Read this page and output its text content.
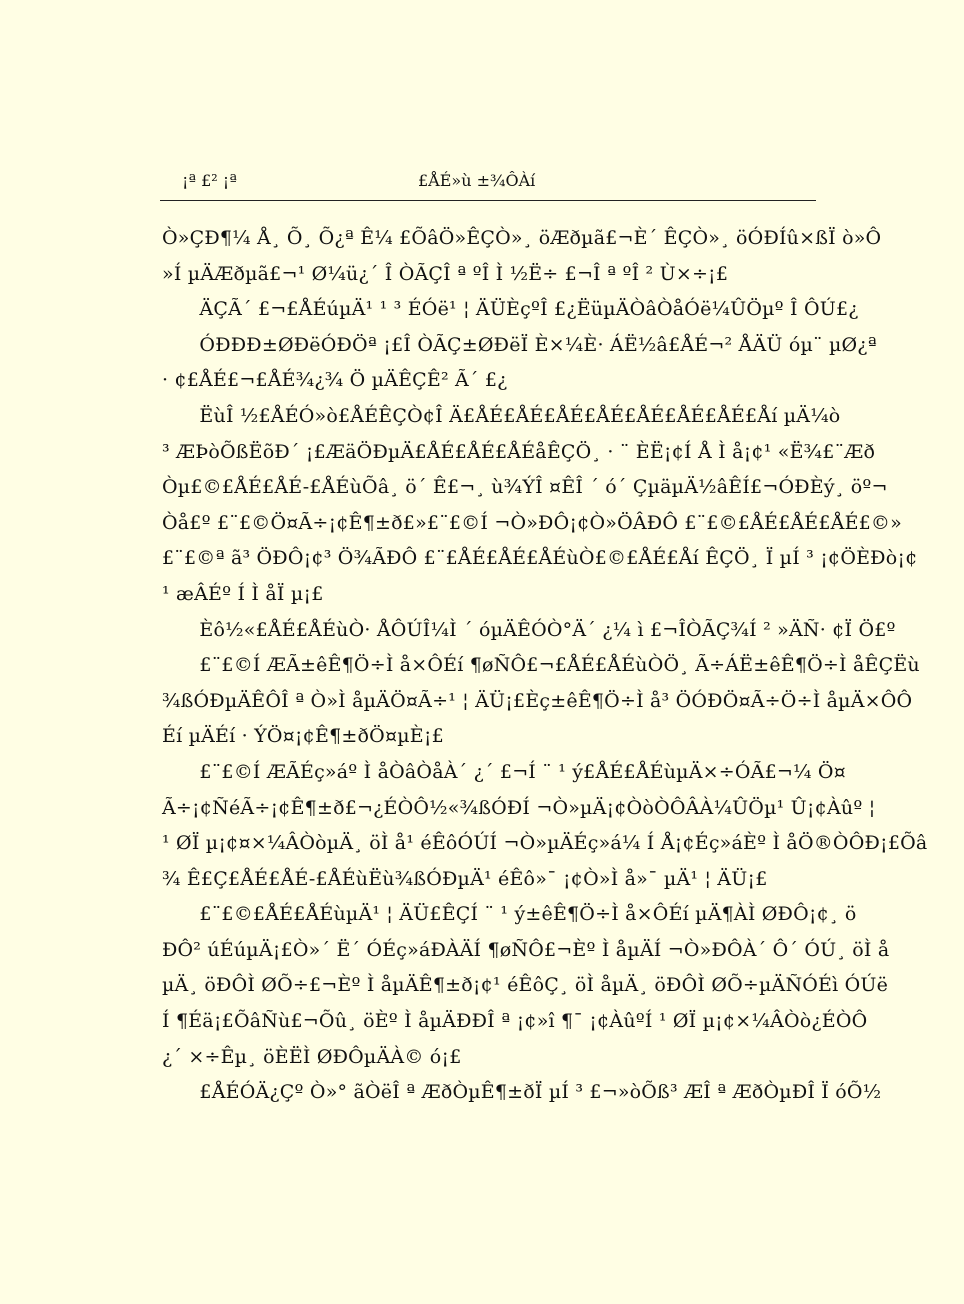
¡ª £² ¡ª	£ÅÉ»ù ±¾ÔÀí
Ò»ÇÐ¶¼ Å¸ Õ¸ Õ¿ª Ê¼ £ÕâÖ»ÊÇÒ»¸ öÆðµã£¬È´ ÊÇÒ»¸ öÓÐÍû×ßÏ ò»Ô
»Í µÄÆðµã£¬¹ Ø¼ü¿´ Î ÒÃÇÎ ª ºÎ Ì ½Ë÷ £¬Î ª ºÎ ² Ù×÷¡£
ÄÇÃ´ £¬£ÅÉúµÄ¹ ¹ ³ ÉÓë¹ ¦ ÄÜÈçºÎ £¿ËüµÄÒâÒåÓë¼ÛÖµº Î ÔÚ£¿
ÓÐÐÐ±ØÐëÓÐÖª ¡£Î ÒÃÇ±ØÐëÏ È×¼È· ÁË½â£ÅÉ¬² ÅÄÜ óµ¨ µØ¿ª
· ¢£ÅÉ£¬£ÅÉ¾¿¾ Ö µÄÊÇÊ² Ã´ £¿
ËùÎ ½£ÅÉÓ»ò£ÅÉÊÇÒ¢Î Ä£ÅÉ£ÅÉ£ÅÉ£ÅÉ£ÅÉ£ÅÉ£ÅÉ£Åí µÄ¼ò
³ ÆÞòÕßËõÐ´ ¡£ÆäÖÐµÄ£ÅÉ£ÅÉ£ÅÉåÊÇÖ¸ · ¨ ÈË¡¢Í Å Ì å¡¢¹ «Ë¾£¨Æð
Òµ£©£ÅÉ£ÅÉ-£ÅÉùÕâ¸ ö´ Ê£¬¸ ù¾ÝÎ ¤ÊÎ ´ ó´ ÇµäµÄ½âÊÍ£¬ÓÐÈý¸ öº¬
Òå£º £¨£©Ö¤Ã÷¡¢Ê¶±ð£»£¨£©Í ¬Ò»ÐÔ¡¢Ò»ÖÂÐÔ £¨£©£ÅÉ£ÅÉ£ÅÉ£©»
£¨£©ª ã³ ÖÐÔ¡¢³ Ö¾ÃÐÔ £¨£ÅÉ£ÅÉ£ÅÉùÒ£©£ÅÉ£Åí ÊÇÖ¸ Ï µÍ ³ ¡¢ÖÈÐò¡¢
¹ æÂÉº Í Ì åÏ µ¡£
Èô½«£ÅÉ£ÅÉùÒ· ÅÔÚÎ¼Ì ´ óµÄÊÓÒ°Ä´ ¿¼ ì £¬ÎÒÃÇ¾Í ² »ÄÑ· ¢Ï Ö£º
£¨£©Í ÆÃ±êÊ¶Ö÷Ì å×ÔÉí ¶øÑÔ£¬£ÅÉ£ÅÉùÒÖ¸ Ã÷ÁË±êÊ¶Ö÷Ì åÊÇËù
¾ßÓÐµÄÊÔÎ ª Ò»Ì åµÄÖ¤Ã÷¹ ¦ ÄÜ¡£Èç±êÊ¶Ö÷Ì å³ ÖÓÐÖ¤Ã÷Ö÷Ì åµÄ×ÔÔ
Éí µÄÉí · ÝÖ¤¡¢Ê¶±ðÖ¤µÈ¡£
£¨£©Í ÆÃÉç»áº Ì åÒâÒåÀ´ ¿´ £¬Í ¨ ¹ ý£ÅÉ£ÅÉùµÄ×÷ÓÃ£¬¼ Ö¤
Ã÷¡¢ÑéÃ÷¡¢Ê¶±ð£¬¿ÉÒÔ½«¾ßÓÐÍ ¬Ò»µÄ¡¢ÒòÒÔÂÀ¼ÛÖµ¹ Û¡¢Àûº ¦
¹ ØÏ µ¡¢¤×¼ÂÒòµÄ¸ öÌ å¹ éÊôÓÚÍ ¬Ò»µÄÉç»á¼ Í Å¡¢Éç»áÈº Ì åÖ®ÒÔÐ¡£Õâ
¾ Ê£Ç£ÅÉ£ÅÉ-£ÅÉùËù¾ßÓÐµÄ¹ éÊô»¯ ¡¢Ò»Ì å»¯ µÄ¹ ¦ ÄÜ¡£
£¨£©£ÅÉ£ÅÉùµÄ¹ ¦ ÄÜ£ÊÇÍ ¨ ¹ ý±êÊ¶Ö÷Ì å×ÔÉí µÄ¶ÀÌ ØÐÔ¡¢¸ ö
ÐÔ² úÉúµÄ¡£Ò»´ Ë´ ÓÉç»áÐÀÄÍ ¶øÑÔ£¬Èº Ì åµÄÍ ¬Ò»ÐÔÀ´ Ô´ ÓÚ¸ öÌ å
µÄ¸ öÐÔÌ ØÕ÷£¬Èº Ì åµÄÊ¶±ð¡¢¹ éÊôÇ¸ öÌ åµÄ¸ öÐÔÌ ØÕ÷µÄÑÓÉì ÓÚë
Í ¶Éä¡£ÕâÑù£¬Õû¸ öÈº Ì åµÄÐÐÎ ª ¡¢»î ¶¯ ¡¢ÀûºÍ ¹ ØÏ µ¡¢×¼ÂÒò¿ÉÒÔ
¿´ ×÷Êµ¸ öÈËÌ ØÐÔµÄÀ© ó¡£
£ÅÉÓÄ¿Çº Ò»° ãÒëÎ ª ÆðÒµÊ¶±ðÏ µÍ ³ £¬»òÕß³ ÆÎ ª ÆðÒµÐÎ Ï óÕ½
